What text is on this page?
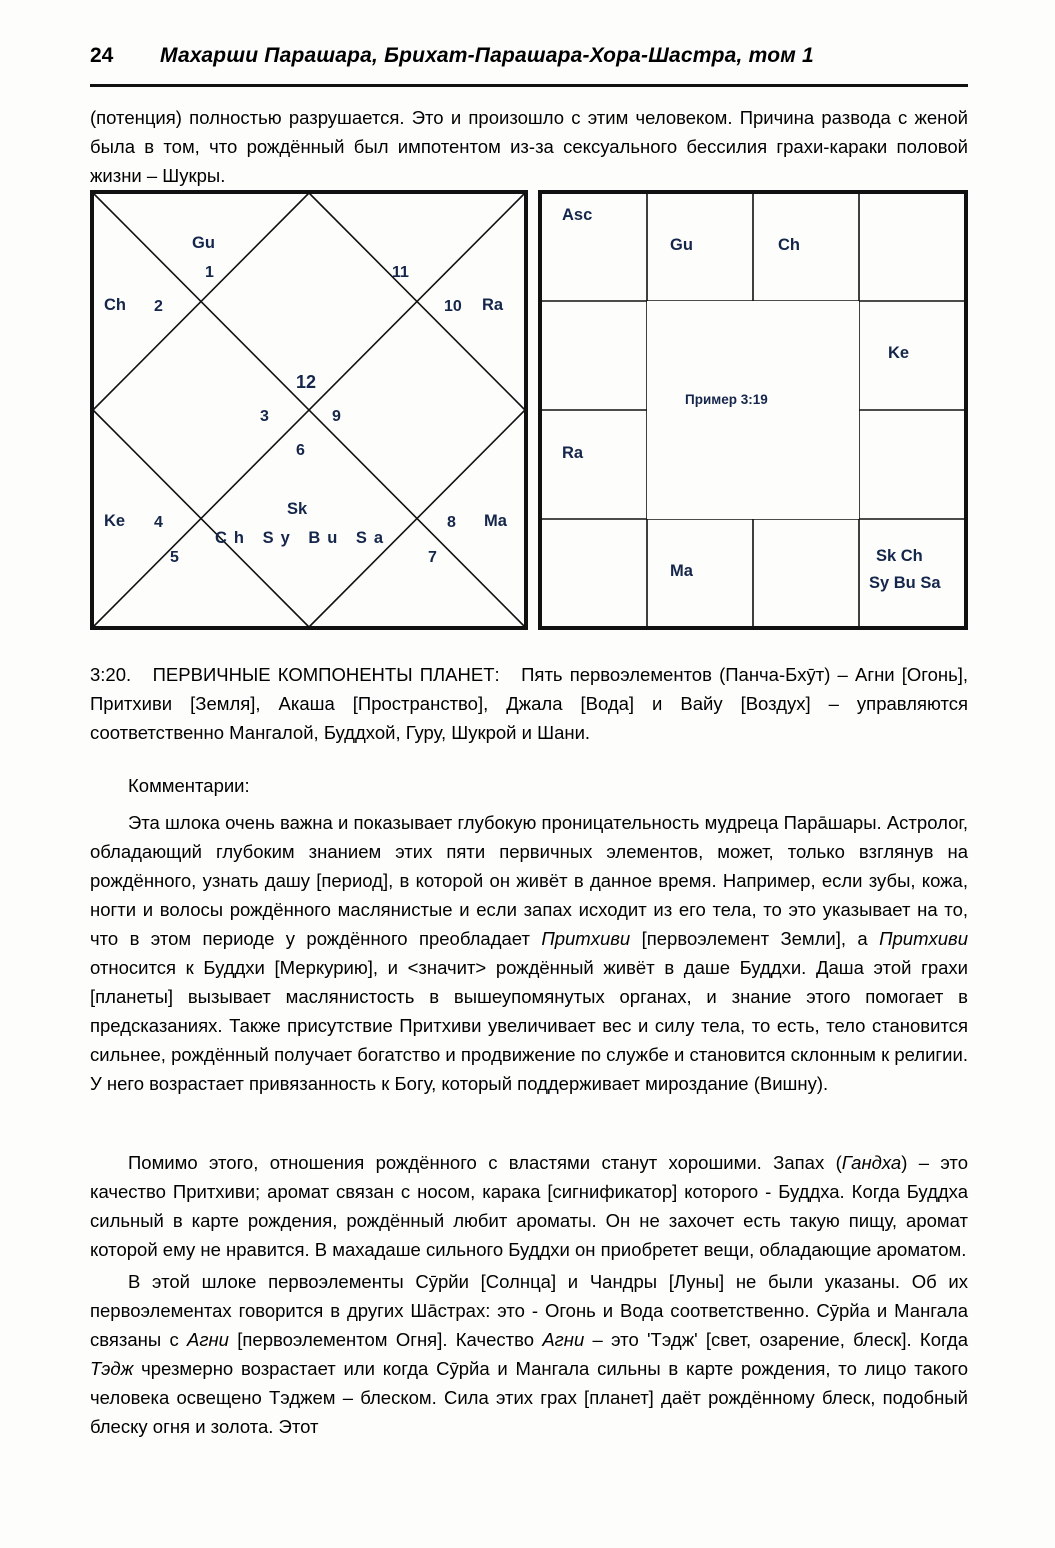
24	Махарши Парашара, Брихат-Парашара-Хора-Шастра, том 1
(потенция) полностью разрушается. Это и произошло с этим человеком. Причина развода с женой была в том, что рождённый был импотентом из-за сексуального бессилия грахи-караки половой жизни – Шукры.
Gu
1	11
Ch 2	10 Ra
12
3	9
6
Ke 4
Sk
Ch Sy Bu Sa
8 Ma
5	7
Asc
Gu	Ch
Ke
Пример 3:19
Ra
Ma
Sk Ch
Sy Bu Sa
3:20. ПЕРВИЧНЫЕ КОМПОНЕНТЫ ПЛАНЕТ: Пять первоэлементов (Панча-Бхӯт) – Агни [Огонь], Притхиви [Земля], Акаша [Пространство], Джала [Вода] и Вайу [Воздух] – управляются соответственно Мангалой, Буддхой, Гуру, Шукрой и Шани.
Комментарии:
Эта шлока очень важна и показывает глубокую проницательность мудреца Парāшары. Астролог, обладающий глубоким знанием этих пяти первичных элементов, может, только взглянув на рождённого, узнать дашу [период], в которой он живёт в данное время. Например, если зубы, кожа, ногти и волосы рождённого маслянистые и если запах исходит из его тела, то это указывает на то, что в этом периоде у рождённого преобладает Притхиви [первоэлемент Земли], а Притхиви относится к Буддхи [Меркурию], и <значит> рождённый живёт в даше Буддхи. Даша этой грахи [планеты] вызывает маслянистость в вышеупомянутых органах, и знание этого помогает в предсказаниях. Также присутствие Притхиви увеличивает вес и силу тела, то есть, тело становится сильнее, рождённый получает богатство и продвижение по службе и становится склонным к религии. У него возрастает привязанность к Богу, который поддерживает мироздание (Вишну).
Помимо этого, отношения рождённого с властями станут хорошими. Запах (Гандха) – это качество Притхиви; аромат связан с носом, карака [сигнификатор] которого - Буддха. Когда Буддха сильный в карте рождения, рождённый любит ароматы. Он не захочет есть такую пищу, аромат которой ему не нравится. В махадаше сильного Буддхи он приобретет вещи, обладающие ароматом.
В этой шлоке первоэлементы Сӯрйи [Солнца] и Чандры [Луны] не были указаны. Об их первоэлементах говорится в других Шāстрах: это - Огонь и Вода соответственно. Сӯрйа и Мангала связаны с Агни [первоэлементом Огня]. Качество Агни – это 'Тэдж' [свет, озарение, блеск]. Когда Тэдж чрезмерно возрастает или когда Сӯрйа и Мангала сильны в карте рождения, то лицо такого человека освещено Тэджем – блеском. Сила этих грах [планет] даёт рождённому блеск, подобный блеску огня и золота. Этот
